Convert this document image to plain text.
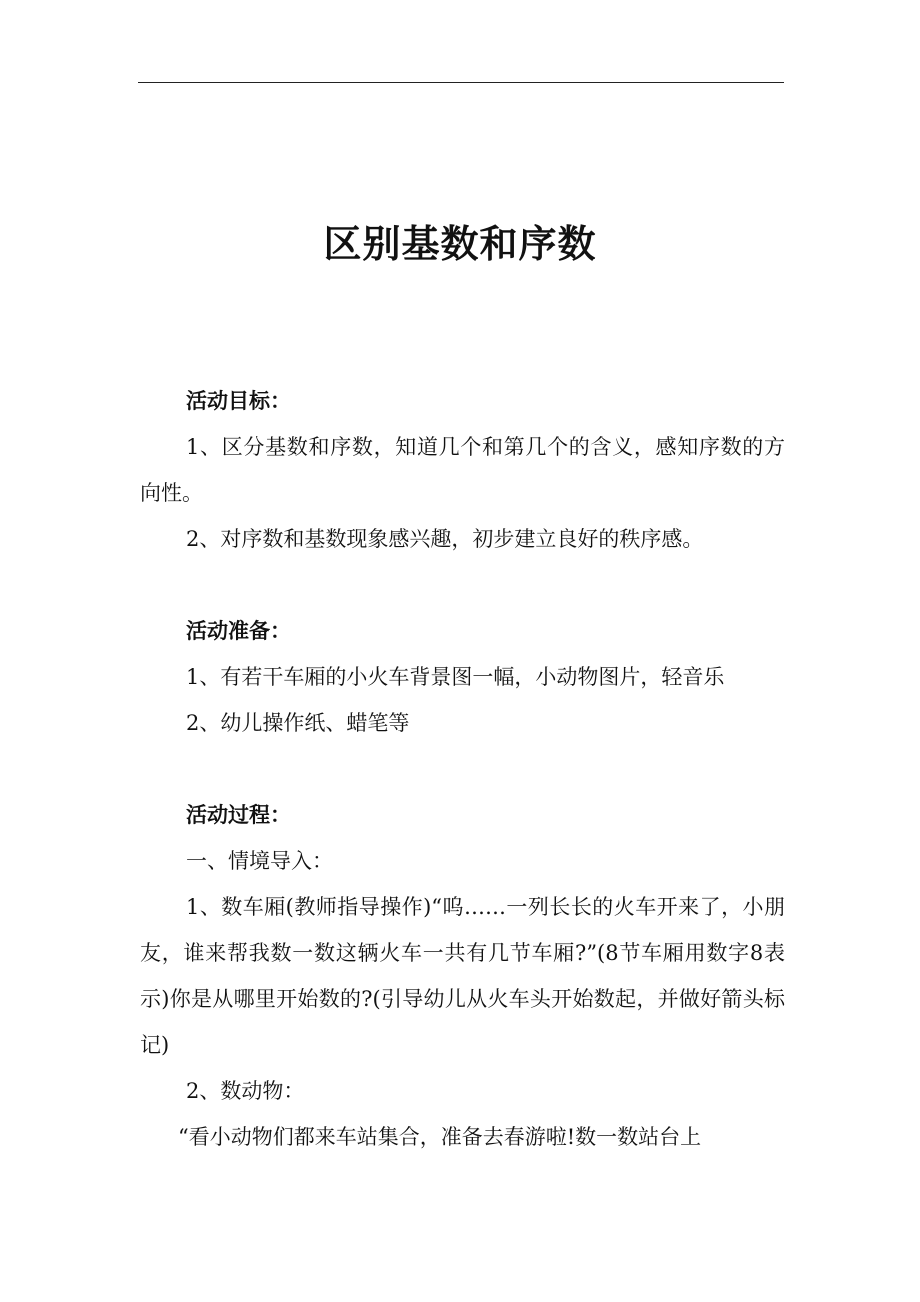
区别基数和序数

活动目标：

1、区分基数和序数，知道几个和第几个的含义，感知序数的方向性。

2、对序数和基数现象感兴趣，初步建立良好的秩序感。

活动准备：

1、有若干车厢的小火车背景图一幅，小动物图片，轻音乐

2、幼儿操作纸、蜡笔等

活动过程：

一、情境导入：

1、数车厢(教师指导操作)“呜……一列长长的火车开来了，小朋友，谁来帮我数一数这辆火车一共有几节车厢?”(8节车厢用数字8表示)你是从哪里开始数的?(引导幼儿从火车头开始数起，并做好箭头标记)

2、数动物：

“看小动物们都来车站集合，准备去春游啦!数一数站台上
